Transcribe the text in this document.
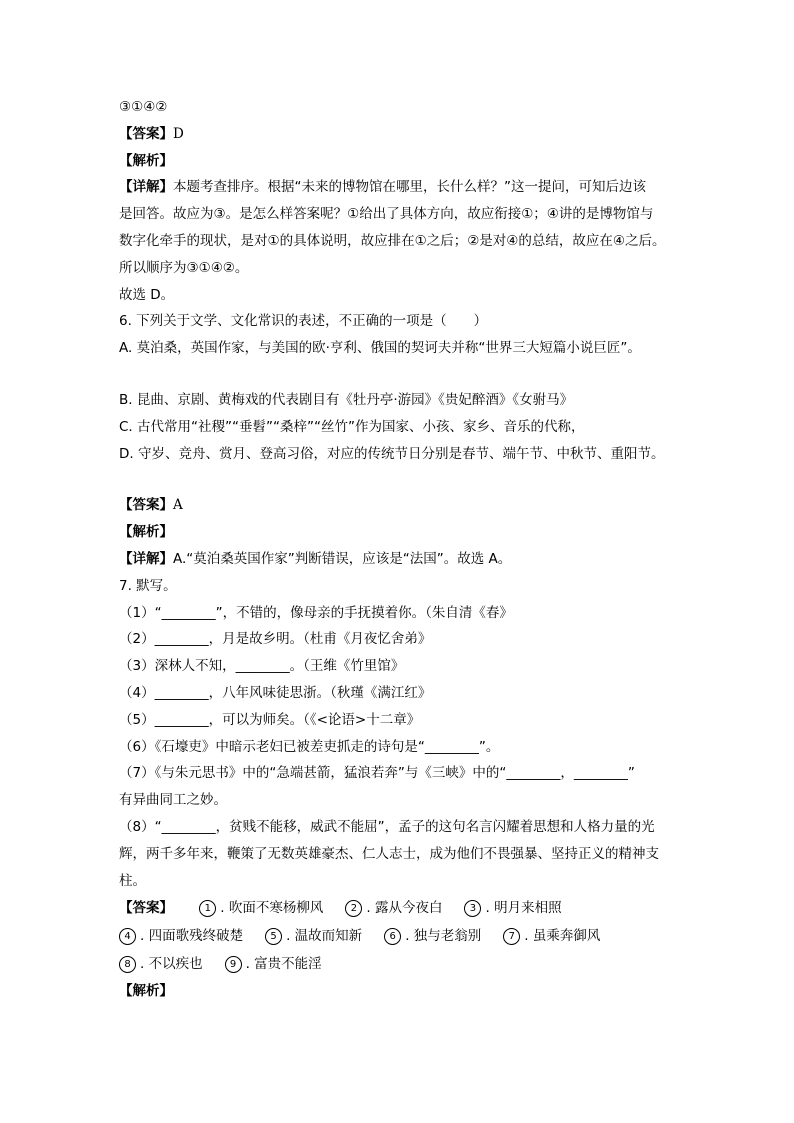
③①④②
【答案】D
【解析】
【详解】本题考查排序。根据“未来的博物馆在哪里，长什么样？”这一提问，可知后边该
是回答。故应为③。是怎么样答案呢？①给出了具体方向，故应衔接①；④讲的是博物馆与
数字化牵手的现状，是对①的具体说明，故应排在①之后；②是对④的总结，故应在④之后。
所以顺序为③①④②。
故选 D。
6. 下列关于文学、文化常识的表述，不正确的一项是（　　）
A. 莫泊桑，英国作家，与美国的欧·亨利、俄国的契诃夫并称“世界三大短篇小说巨匠”。
B. 昆曲、京剧、黄梅戏的代表剧目有《牡丹亭·游园》《贵妃醉酒》《女驸马》
C. 古代常用“社稷”“垂髫”“桑梓”“丝竹”作为国家、小孩、家乡、音乐的代称，
D. 守岁、竞舟、赏月、登高习俗，对应的传统节日分别是春节、端午节、中秋节、重阳节。
【答案】A
【解析】
【详解】A.“莫泊桑英国作家”判断错误，应该是“法国”。故选 A。
7. 默写。
（1）“________”，不错的，像母亲的手抚摸着你。（朱自清《春》
（2）________，月是故乡明。（杜甫《月夜忆舍弟》
（3）深林人不知，________。（王维《竹里馆》
（4）________，八年风味徒思浙。（秋瑾《满江红》
（5）________，可以为师矣。（《<论语>十二章》
（6）《石壕吏》中暗示老妇已被差吏抓走的诗句是“________”。
（7）《与朱元思书》中的“急端甚箭，猛浪若奔”与《三峡》中的“________，________”
有异曲同工之妙。
（8）“________，贫贱不能移，威武不能屈”，孟子的这句名言闪耀着思想和人格力量的光
辉，两千多年来，鞭策了无数英雄豪杰、仁人志士，成为他们不畏强暴、坚持正义的精神支
柱。
【答案】	1 . 吹面不寒杨柳风	2 . 露从今夜白	3 . 明月来相照4 . 四面歌残终破楚	5 . 温故而知新	6 . 独与老翁别	7 . 虽乘奔御风8 . 不以疾也	9 . 富贵不能淫
【解析】
